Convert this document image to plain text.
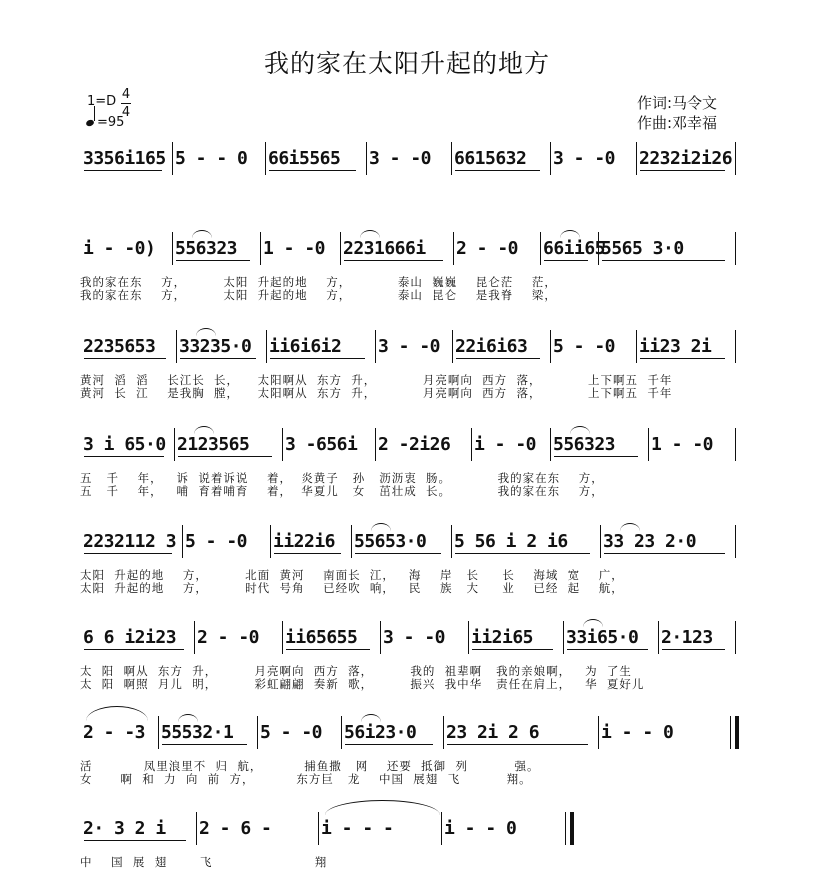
我的家在太阳升起的地方
1=D 4
4
=95
作词:马令文
作曲:邓幸福
3356i165 5 - - 0 66i5565 3 - -0 6615632 3 - -0 2232i2i26
i - -0) 556323 1 - -0 2231666i 2 - -0 66ii65
5565 3·0
我的家在东    方，        太阳  升起的地    方，          泰山  巍巍    昆仑茫    茫，
我的家在东    方，        太阳  升起的地    方，          泰山  昆仑    是我脊    梁，
2235653 33235·0 ii6i6i2 3 - -0 22i6i63 5 - -0 ii23 2i
黄河  滔  滔    长江长  长，    太阳啊从  东方  升，          月亮啊向  西方  落，          上下啊五  千年
黄河  长  江    是我胸  膛，    太阳啊从  东方  升，          月亮啊向  西方  落，          上下啊五  千年
3 i 65·0 2123565 3 -656i 2 -2i26 i - -0 556323 1 - -0
五   千    年，   诉  说着诉说    着，  炎黄子   孙   沥沥衷  肠。          我的家在东    方，
五   千    年，   哺  育着哺育    着，  华夏儿   女   茁壮成  长。          我的家在东    方，
2232112 3 5 - -0 ii22i6 55653·0 5 56 i 2 i6 33 23 2·0
太阳  升起的地    方，        北面  黄河    南面长  江，   海    岸   长     长    海域  宽    广，
太阳  升起的地    方，        时代  号角    已经吹  响，   民    族   大     业    已经  起    航，
6 6 i2i23 2 - -0 ii65655 3 - -0 ii2i65 33i65·0 2·123
太  阳  啊从  东方  升，        月亮啊向  西方  落，        我的  祖辈啊   我的亲娘啊，   为  了生
太  阳  啊照  月儿  明，        彩虹翩翩  奏新  歌，        振兴  我中华   责任在肩上，   华  夏好儿
2 - -3 55532·1 5 - -0 56i23·0 23 2i 2 6	i - - 0
活           凤里浪里不  归  航，         捕鱼撒   网    还要  抵御  列          强。
女      啊  和  力  向  前  方，         东方巨   龙    中国  展翅  飞          翔。
2· 3 2 i 2 - 6 -	i - - -	i - - 0
中    国  展  翅       飞                      翔
